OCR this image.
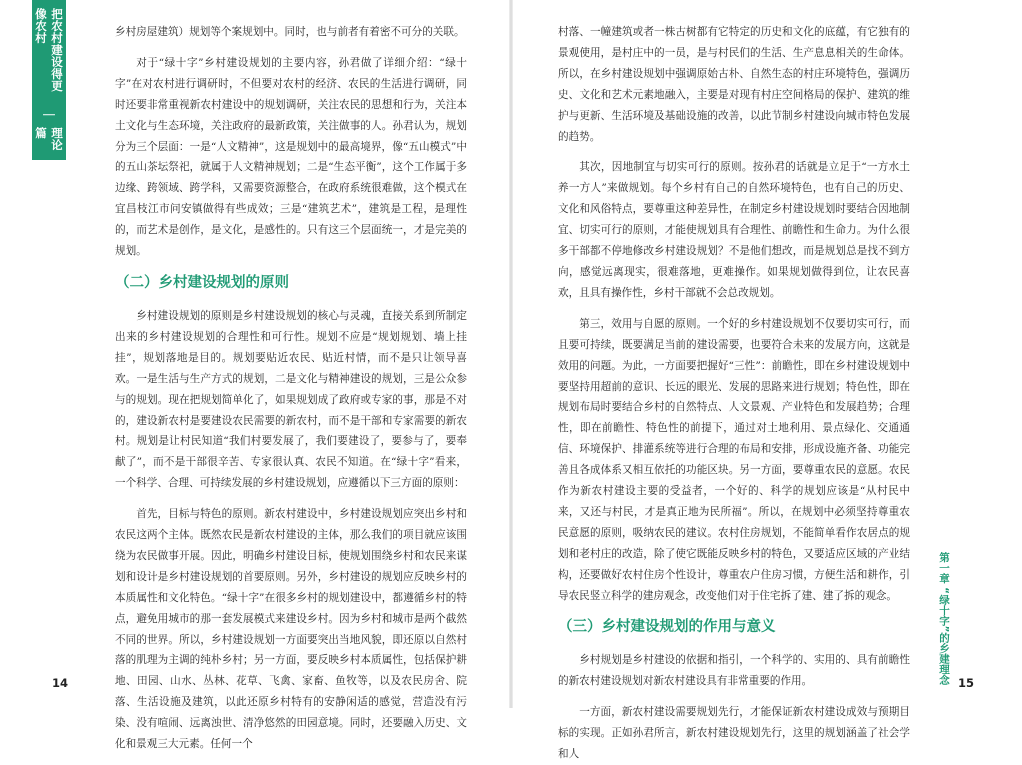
把农村建设得更像农村
｜
理论篇

乡村房屋建筑）规划等个案规划中。同时，也与前者有着密不可分的关联。

对于“绿十字”乡村建设规划的主要内容，孙君做了详细介绍：“绿十字”在对农村进行调研时，不但要对农村的经济、农民的生活进行调研，同时还要非常重视新农村建设中的规划调研，关注农民的思想和行为，关注本土文化与生态环境，关注政府的最新政策，关注做事的人。孙君认为，规划分为三个层面：一是“人文精神”，这是规划中的最高境界，像“五山模式”中的五山茶坛祭祀，就属于人文精神规划；二是“生态平衡”，这个工作属于多边缘、跨领域、跨学科，又需要资源整合，在政府系统很难做，这个模式在宜昌枝江市问安镇做得有些成效；三是“建筑艺术”，建筑是工程，是理性的，而艺术是创作，是文化，是感性的。只有这三个层面统一，才是完美的规划。

（二）乡村建设规划的原则

乡村建设规划的原则是乡村建设规划的核心与灵魂，直接关系到所制定出来的乡村建设规划的合理性和可行性。规划不应是“规划规划、墙上挂挂”，规划落地是目的。规划要贴近农民、贴近村情，而不是只让领导喜欢。一是生活与生产方式的规划，二是文化与精神建设的规划，三是公众参与的规划。现在把规划简单化了，如果规划成了政府或专家的事，那是不对的，建设新农村是要建设农民需要的新农村，而不是干部和专家需要的新农村。规划是让村民知道“我们村要发展了，我们要建设了，要参与了，要奉献了”，而不是干部很辛苦、专家很认真、农民不知道。在“绿十字”看来，一个科学、合理、可持续发展的乡村建设规划，应遵循以下三方面的原则：

首先，目标与特色的原则。新农村建设中，乡村建设规划应突出乡村和农民这两个主体。既然农民是新农村建设的主体，那么我们的项目就应该围绕为农民做事开展。因此，明确乡村建设目标，使规划围绕乡村和农民来谋划和设计是乡村建设规划的首要原则。另外，乡村建设的规划应反映乡村的本质属性和文化特色。“绿十字”在很多乡村的规划建设中，都遵循乡村的特点，避免用城市的那一套发展模式来建设乡村。因为乡村和城市是两个截然不同的世界。所以，乡村建设规划一方面要突出当地风貌，即还原以自然村落的肌理为主调的纯朴乡村；另一方面，要反映乡村本质属性，包括保护耕地、田园、山水、丛林、花草、飞禽、家畜、鱼牧等，以及农民房舍、院落、生活设施及建筑，以此还原乡村特有的安静闲适的感觉，营造没有污染、没有喧闹、远离浊世、清净悠然的田园意境。同时，还要融入历史、文化和景观三大元素。任何一个

14

村落、一幢建筑或者一株古树都有它特定的历史和文化的底蕴，有它独有的景观使用，是村庄中的一员，是与村民们的生活、生产息息相关的生命体。所以，在乡村建设规划中强调原始古朴、自然生态的村庄环境特色，强调历史、文化和艺术元素地融入，主要是对现有村庄空间格局的保护、建筑的维护与更新、生活环境及基础设施的改善，以此节制乡村建设向城市特色发展的趋势。

其次，因地制宜与切实可行的原则。按孙君的话就是立足于“一方水土养一方人”来做规划。每个乡村有自己的自然环境特色，也有自己的历史、文化和风俗特点，要尊重这种差异性，在制定乡村建设规划时要结合因地制宜、切实可行的原则，才能使规划具有合理性、前瞻性和生命力。为什么很多干部都不停地修改乡村建设规划？不是他们想改，而是规划总是找不到方向，感觉远离现实，很难落地，更难操作。如果规划做得到位，让农民喜欢，且具有操作性，乡村干部就不会总改规划。

第三，效用与自愿的原则。一个好的乡村建设规划不仅要切实可行，而且要可持续，既要满足当前的建设需要，也要符合未来的发展方向，这就是效用的问题。为此，一方面要把握好“三性”：前瞻性，即在乡村建设规划中要坚持用超前的意识、长远的眼光、发展的思路来进行规划；特色性，即在规划布局时要结合乡村的自然特点、人文景观、产业特色和发展趋势；合理性，即在前瞻性、特色性的前提下，通过对土地利用、景点绿化、交通通信、环境保护、排灌系统等进行合理的布局和安排，形成设施齐备、功能完善且各成体系又相互依托的功能区块。另一方面，要尊重农民的意愿。农民作为新农村建设主要的受益者，一个好的、科学的规划应该是“从村民中来，又还与村民，才是真正地为民所福”。所以，在规划中必须坚持尊重农民意愿的原则，吸纳农民的建议。农村住房规划，不能简单看作农居点的规划和老村庄的改造，除了使它既能反映乡村的特色，又要适应区域的产业结构，还要做好农村住房个性设计，尊重农户住房习惯，方便生活和耕作，引导农民竖立科学的建房观念，改变他们对于住宅拆了建、建了拆的观念。

（三）乡村建设规划的作用与意义

乡村规划是乡村建设的依据和指引，一个科学的、实用的、具有前瞻性的新农村建设规划对新农村建设具有非常重要的作用。

一方面，新农村建设需要规划先行，才能保证新农村建设成效与预期目标的实现。正如孙君所言，新农村建设规划先行，这里的规划涵盖了社会学和人

第一章 “绿十字”的乡建理念 15
